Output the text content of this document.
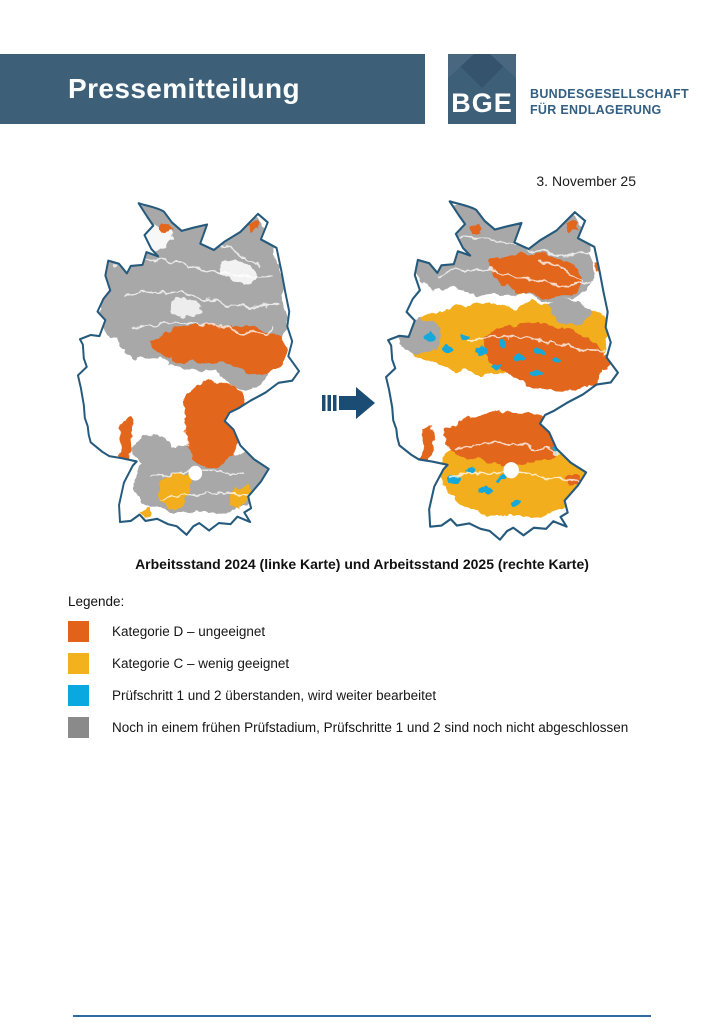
Pressemitteilung	BGE BUNDESGESELLSCHAFT
FÜR ENDLAGERUNG
3. November 25
Arbeitsstand 2024 (linke Karte) und Arbeitsstand 2025 (rechte Karte)
Legende:
Kategorie D – ungeeignet
Kategorie C – wenig geeignet
Prüfschritt 1 und 2 überstanden, wird weiter bearbeitet
Noch in einem frühen Prüfstadium, Prüfschritte 1 und 2 sind noch nicht abgeschlossen
